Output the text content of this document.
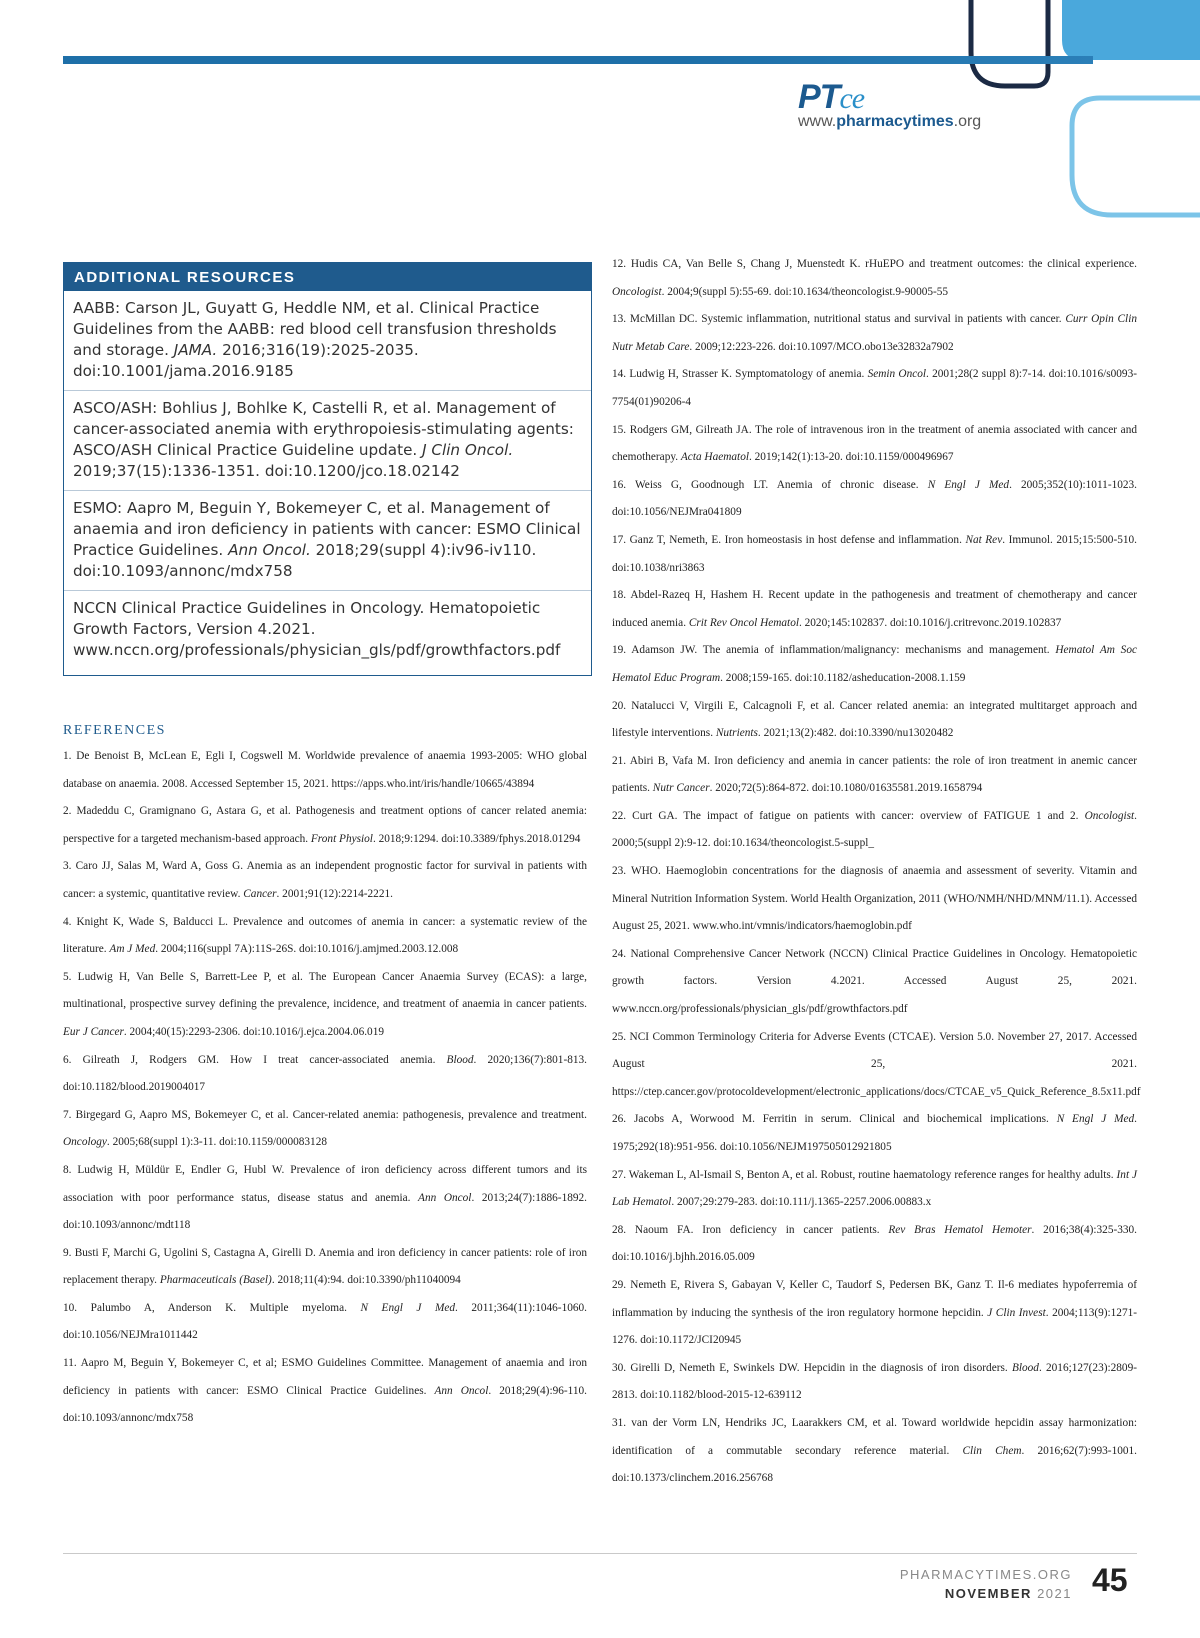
PTce
www.pharmacytimes.org
ADDITIONAL RESOURCES
AABB: Carson JL, Guyatt G, Heddle NM, et al. Clinical Practice Guidelines from the AABB: red blood cell transfusion thresholds and storage. JAMA. 2016;316(19):2025-2035. doi:10.1001/jama.2016.9185
ASCO/ASH: Bohlius J, Bohlke K, Castelli R, et al. Management of cancer-associated anemia with erythropoiesis-stimulating agents: ASCO/ASH Clinical Practice Guideline update. J Clin Oncol. 2019;37(15):1336-1351. doi:10.1200/jco.18.02142
ESMO: Aapro M, Beguin Y, Bokemeyer C, et al. Management of anaemia and iron deficiency in patients with cancer: ESMO Clinical Practice Guidelines. Ann Oncol. 2018;29(suppl 4):iv96-iv110. doi:10.1093/annonc/mdx758
NCCN Clinical Practice Guidelines in Oncology. Hematopoietic Growth Factors, Version 4.2021. www.nccn.org/professionals/physician_gls/pdf/growthfactors.pdf
REFERENCES
1. De Benoist B, McLean E, Egli I, Cogswell M. Worldwide prevalence of anaemia 1993-2005: WHO global database on anaemia. 2008. Accessed September 15, 2021. https://apps.who.int/iris/handle/10665/43894
2. Madeddu C, Gramignano G, Astara G, et al. Pathogenesis and treatment options of cancer related anemia: perspective for a targeted mechanism-based approach. Front Physiol. 2018;9:1294. doi:10.3389/fphys.2018.01294
3. Caro JJ, Salas M, Ward A, Goss G. Anemia as an independent prognostic factor for survival in patients with cancer: a systemic, quantitative review. Cancer. 2001;91(12):2214-2221.
4. Knight K, Wade S, Balducci L. Prevalence and outcomes of anemia in cancer: a systematic review of the literature. Am J Med. 2004;116(suppl 7A):11S-26S. doi:10.1016/j.amjmed.2003.12.008
5. Ludwig H, Van Belle S, Barrett-Lee P, et al. The European Cancer Anaemia Survey (ECAS): a large, multinational, prospective survey defining the prevalence, incidence, and treatment of anaemia in cancer patients. Eur J Cancer. 2004;40(15):2293-2306. doi:10.1016/j.ejca.2004.06.019
6. Gilreath J, Rodgers GM. How I treat cancer-associated anemia. Blood. 2020;136(7):801-813. doi:10.1182/blood.2019004017
7. Birgegard G, Aapro MS, Bokemeyer C, et al. Cancer-related anemia: pathogenesis, prevalence and treatment. Oncology. 2005;68(suppl 1):3-11. doi:10.1159/000083128
8. Ludwig H, Müldür E, Endler G, Hubl W. Prevalence of iron deficiency across different tumors and its association with poor performance status, disease status and anemia. Ann Oncol. 2013;24(7):1886-1892. doi:10.1093/annonc/mdt118
9. Busti F, Marchi G, Ugolini S, Castagna A, Girelli D. Anemia and iron deficiency in cancer patients: role of iron replacement therapy. Pharmaceuticals (Basel). 2018;11(4):94. doi:10.3390/ph11040094
10. Palumbo A, Anderson K. Multiple myeloma. N Engl J Med. 2011;364(11):1046-1060. doi:10.1056/NEJMra1011442
11. Aapro M, Beguin Y, Bokemeyer C, et al; ESMO Guidelines Committee. Management of anaemia and iron deficiency in patients with cancer: ESMO Clinical Practice Guidelines. Ann Oncol. 2018;29(4):96-110. doi:10.1093/annonc/mdx758
12. Hudis CA, Van Belle S, Chang J, Muenstedt K. rHuEPO and treatment outcomes: the clinical experience. Oncologist. 2004;9(suppl 5):55-69. doi:10.1634/theoncologist.9-90005-55
13. McMillan DC. Systemic inflammation, nutritional status and survival in patients with cancer. Curr Opin Clin Nutr Metab Care. 2009;12:223-226. doi:10.1097/MCO.obo13e32832a7902
14. Ludwig H, Strasser K. Symptomatology of anemia. Semin Oncol. 2001;28(2 suppl 8):7-14. doi:10.1016/s0093-7754(01)90206-4
15. Rodgers GM, Gilreath JA. The role of intravenous iron in the treatment of anemia associated with cancer and chemotherapy. Acta Haematol. 2019;142(1):13-20. doi:10.1159/000496967
16. Weiss G, Goodnough LT. Anemia of chronic disease. N Engl J Med. 2005;352(10):1011-1023. doi:10.1056/NEJMra041809
17. Ganz T, Nemeth, E. Iron homeostasis in host defense and inflammation. Nat Rev. Immunol. 2015;15:500-510. doi:10.1038/nri3863
18. Abdel-Razeq H, Hashem H. Recent update in the pathogenesis and treatment of chemotherapy and cancer induced anemia. Crit Rev Oncol Hematol. 2020;145:102837. doi:10.1016/j.critrevonc.2019.102837
19. Adamson JW. The anemia of inflammation/malignancy: mechanisms and management. Hematol Am Soc Hematol Educ Program. 2008;159-165. doi:10.1182/asheducation-2008.1.159
20. Natalucci V, Virgili E, Calcagnoli F, et al. Cancer related anemia: an integrated multitarget approach and lifestyle interventions. Nutrients. 2021;13(2):482. doi:10.3390/nu13020482
21. Abiri B, Vafa M. Iron deficiency and anemia in cancer patients: the role of iron treatment in anemic cancer patients. Nutr Cancer. 2020;72(5):864-872. doi:10.1080/01635581.2019.1658794
22. Curt GA. The impact of fatigue on patients with cancer: overview of FATIGUE 1 and 2. Oncologist. 2000;5(suppl 2):9-12. doi:10.1634/theoncologist.5-suppl_
23. WHO. Haemoglobin concentrations for the diagnosis of anaemia and assessment of severity. Vitamin and Mineral Nutrition Information System. World Health Organization, 2011 (WHO/NMH/NHD/MNM/11.1). Accessed August 25, 2021. www.who.int/vmnis/indicators/haemoglobin.pdf
24. National Comprehensive Cancer Network (NCCN) Clinical Practice Guidelines in Oncology. Hematopoietic growth factors. Version 4.2021. Accessed August 25, 2021. www.nccn.org/professionals/physician_gls/pdf/growthfactors.pdf
25. NCI Common Terminology Criteria for Adverse Events (CTCAE). Version 5.0. November 27, 2017. Accessed August 25, 2021. https://ctep.cancer.gov/protocoldevelopment/electronic_applications/docs/CTCAE_v5_Quick_Reference_8.5x11.pdf
26. Jacobs A, Worwood M. Ferritin in serum. Clinical and biochemical implications. N Engl J Med. 1975;292(18):951-956. doi:10.1056/NEJM197505012921805
27. Wakeman L, Al-Ismail S, Benton A, et al. Robust, routine haematology reference ranges for healthy adults. Int J Lab Hematol. 2007;29:279-283. doi:10.111/j.1365-2257.2006.00883.x
28. Naoum FA. Iron deficiency in cancer patients. Rev Bras Hematol Hemoter. 2016;38(4):325-330. doi:10.1016/j.bjhh.2016.05.009
29. Nemeth E, Rivera S, Gabayan V, Keller C, Taudorf S, Pedersen BK, Ganz T. Il-6 mediates hypoferremia of inflammation by inducing the synthesis of the iron regulatory hormone hepcidin. J Clin Invest. 2004;113(9):1271-1276. doi:10.1172/JCI20945
30. Girelli D, Nemeth E, Swinkels DW. Hepcidin in the diagnosis of iron disorders. Blood. 2016;127(23):2809-2813. doi:10.1182/blood-2015-12-639112
31. van der Vorm LN, Hendriks JC, Laarakkers CM, et al. Toward worldwide hepcidin assay harmonization: identification of a commutable secondary reference material. Clin Chem. 2016;62(7):993-1001. doi:10.1373/clinchem.2016.256768
PHARMACYTIMES.ORG
NOVEMBER 2021 45
